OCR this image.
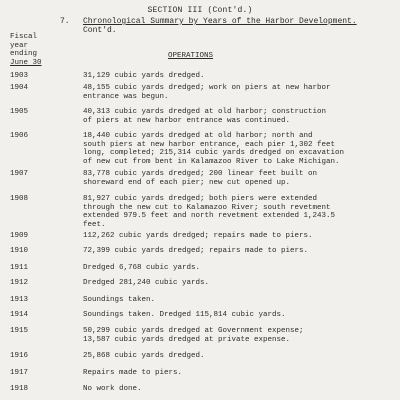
SECTION III (Cont'd.)
7. Chronological Summary by Years of the Harbor Development.
Cont'd.
Fiscal
year
ending
June 30
OPERATIONS
1903	31,129 cubic yards dredged.
1904	48,155 cubic yards dredged; work on piers at new harbor
entrance was begun.
1905	40,313 cubic yards dredged at old harbor; construction
of piers at new harbor entrance was continued.
1906	18,440 cubic yards dredged at old harbor; north and
south piers at new harbor entrance, each pier 1,302 feet
long, completed; 215,314 cubic yards dredged on excavation
of new cut from bent in Kalamazoo River to Lake Michigan.
1907	83,778 cubic yards dredged; 200 linear feet built on
shoreward end of each pier; new cut opened up.
1908	81,927 cubic yards dredged; both piers were extended
through the new cut to Kalamazoo River; south revetment
extended 979.5 feet and north revetment extended 1,243.5
feet.
1909	112,262 cubic yards dredged; repairs made to piers.
1910	72,399 cubic yards dredged; repairs made to piers.
1911	Dredged 6,768 cubic yards.
1912	Dredged 281,240 cubic yards.
1913	Soundings taken.
1914	Soundings taken. Dredged 115,814 cubic yards.
1915	50,299 cubic yards dredged at Government expense;
13,587 cubic yards dredged at private expense.
1916	25,868 cubic yards dredged.
1917	Repairs made to piers.
1918	No work done.
